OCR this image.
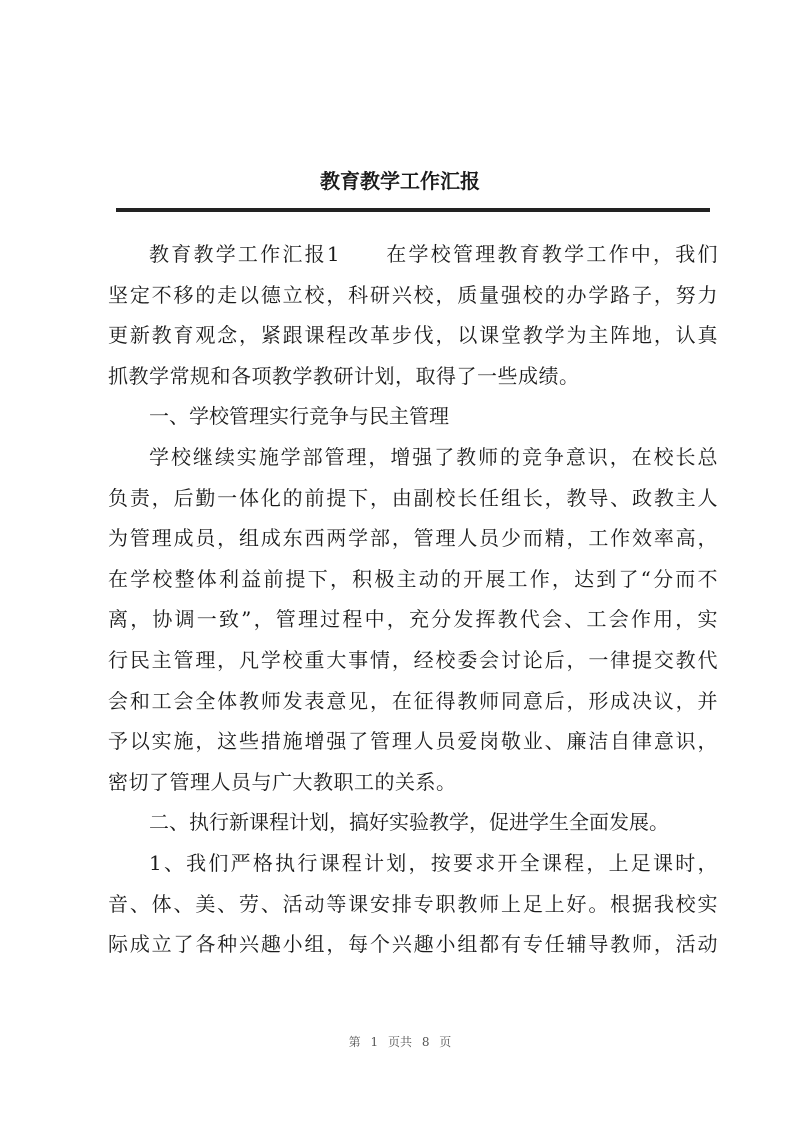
教育教学工作汇报
教育教学工作汇报1　　在学校管理教育教学工作中，我们
坚定不移的走以德立校，科研兴校，质量强校的办学路子，努力
更新教育观念，紧跟课程改革步伐，以课堂教学为主阵地，认真
抓教学常规和各项教学教研计划，取得了一些成绩。
一、学校管理实行竞争与民主管理
学校继续实施学部管理，增强了教师的竞争意识，在校长总
负责，后勤一体化的前提下，由副校长任组长，教导、政教主人
为管理成员，组成东西两学部，管理人员少而精，工作效率高，
在学校整体利益前提下，积极主动的开展工作，达到了“分而不
离，协调一致”，管理过程中，充分发挥教代会、工会作用，实
行民主管理，凡学校重大事情，经校委会讨论后，一律提交教代
会和工会全体教师发表意见，在征得教师同意后，形成决议，并
予以实施，这些措施增强了管理人员爱岗敬业、廉洁自律意识，
密切了管理人员与广大教职工的关系。
二、执行新课程计划，搞好实验教学，促进学生全面发展。
1、我们严格执行课程计划，按要求开全课程，上足课时，
音、体、美、劳、活动等课安排专职教师上足上好。根据我校实
际成立了各种兴趣小组，每个兴趣小组都有专任辅导教师，活动
第 1 页共 8 页
